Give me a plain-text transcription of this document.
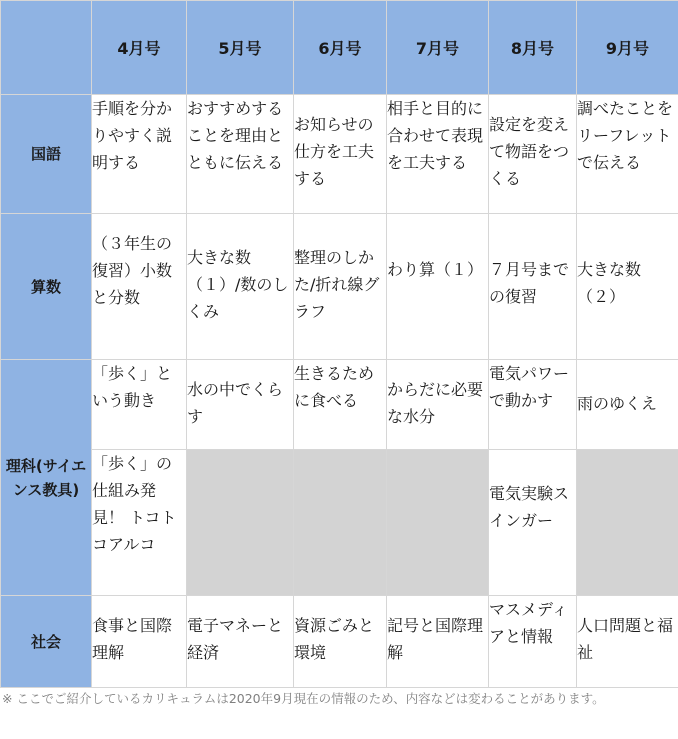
	4月号	5月号	6月号	7月号	8月号	9月号
国語	手順を分かりやすく説明する	おすすめすることを理由とともに伝える	お知らせの仕方を工夫する	相手と目的に合わせて表現を工夫する	設定を変えて物語をつくる	調べたことをリーフレットで伝える
算数	（３年生の復習）小数と分数	大きな数（１）/数のしくみ	整理のしかた/折れ線グラフ	わり算（１）	７月号までの復習	大きな数（２）
理科(サイエンス教具)	「歩く」という動き	水の中でくらす	生きるために食べる	からだに必要な水分	電気パワーで動かす	雨のゆくえ
	「歩く」の仕組み発見！ トコトコアルコ				電気実験スインガー	
社会	食事と国際理解	電子マネーと経済	資源ごみと環境	記号と国際理解	マスメディアと情報	人口問題と福祉
※ ここでご紹介しているカリキュラムは2020年9月現在の情報のため、内容などは変わることがあります。
